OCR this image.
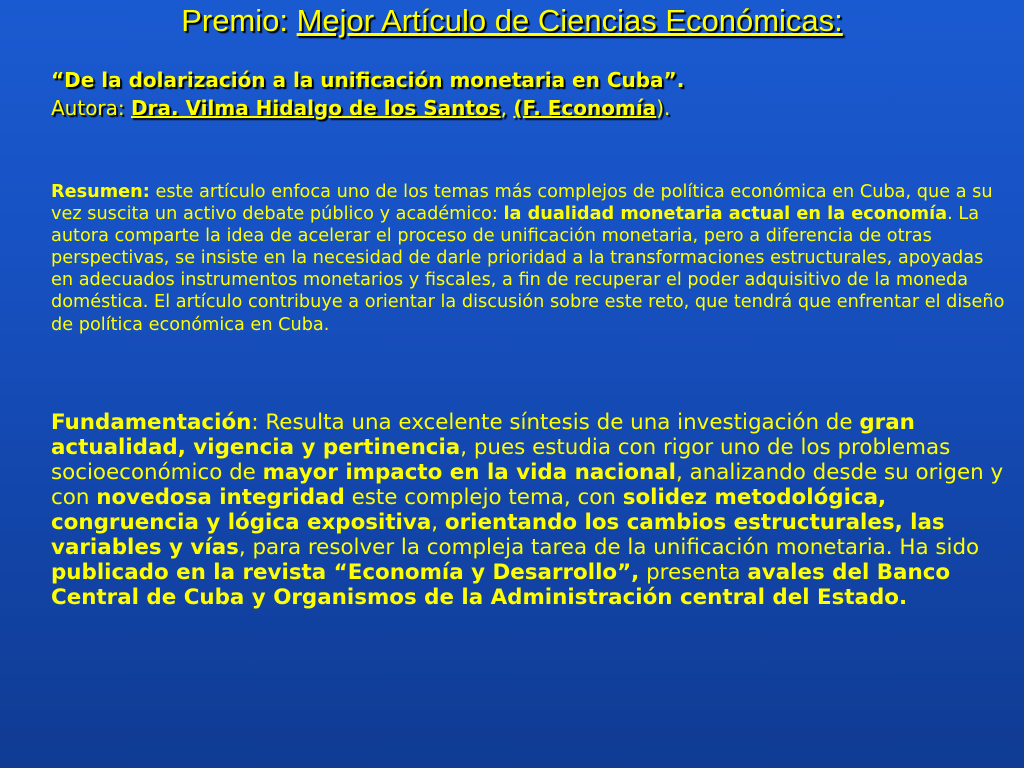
Premio: Mejor Artículo de Ciencias Económicas:
“De la dolarización a la unificación monetaria en Cuba”.
Autora: Dra. Vilma Hidalgo de los Santos, (F. Economía).

Resumen: este artículo enfoca uno de los temas más complejos de política económica en Cuba, que a su vez suscita un activo debate público y académico: la dualidad monetaria actual en la economía. La autora comparte la idea de acelerar el proceso de unificación monetaria, pero a diferencia de otras perspectivas, se insiste en la necesidad de darle prioridad a la transformaciones estructurales, apoyadas en adecuados instrumentos monetarios y fiscales, a fin de recuperar el poder adquisitivo de la moneda doméstica. El artículo contribuye a orientar la discusión sobre este reto, que tendrá que enfrentar el diseño de política económica en Cuba.

Fundamentación: Resulta una excelente síntesis de una investigación de gran actualidad, vigencia y pertinencia, pues estudia con rigor uno de los problemas socioeconómico de mayor impacto en la vida nacional, analizando desde su origen y con novedosa integridad este complejo tema, con solidez metodológica, congruencia y lógica expositiva, orientando los cambios estructurales, las variables y vías, para resolver la compleja tarea de la unificación monetaria. Ha sido publicado en la revista “Economía y Desarrollo”, presenta avales del Banco Central de Cuba y Organismos de la Administración central del Estado.
